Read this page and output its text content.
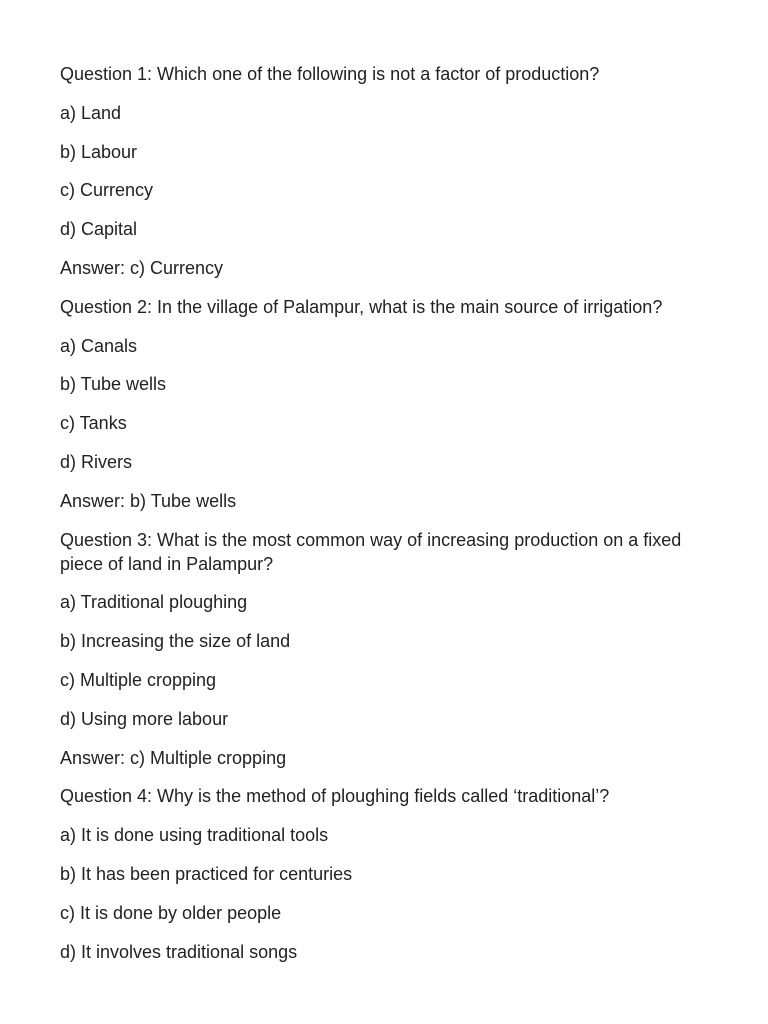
Question 1: Which one of the following is not a factor of production?
a) Land
b) Labour
c) Currency
d) Capital
Answer: c) Currency
Question 2: In the village of Palampur, what is the main source of irrigation?
a) Canals
b) Tube wells
c) Tanks
d) Rivers
Answer: b) Tube wells
Question 3: What is the most common way of increasing production on a fixed piece of land in Palampur?
a) Traditional ploughing
b) Increasing the size of land
c) Multiple cropping
d) Using more labour
Answer: c) Multiple cropping
Question 4: Why is the method of ploughing fields called ‘traditional’?
a) It is done using traditional tools
b) It has been practiced for centuries
c) It is done by older people
d) It involves traditional songs
